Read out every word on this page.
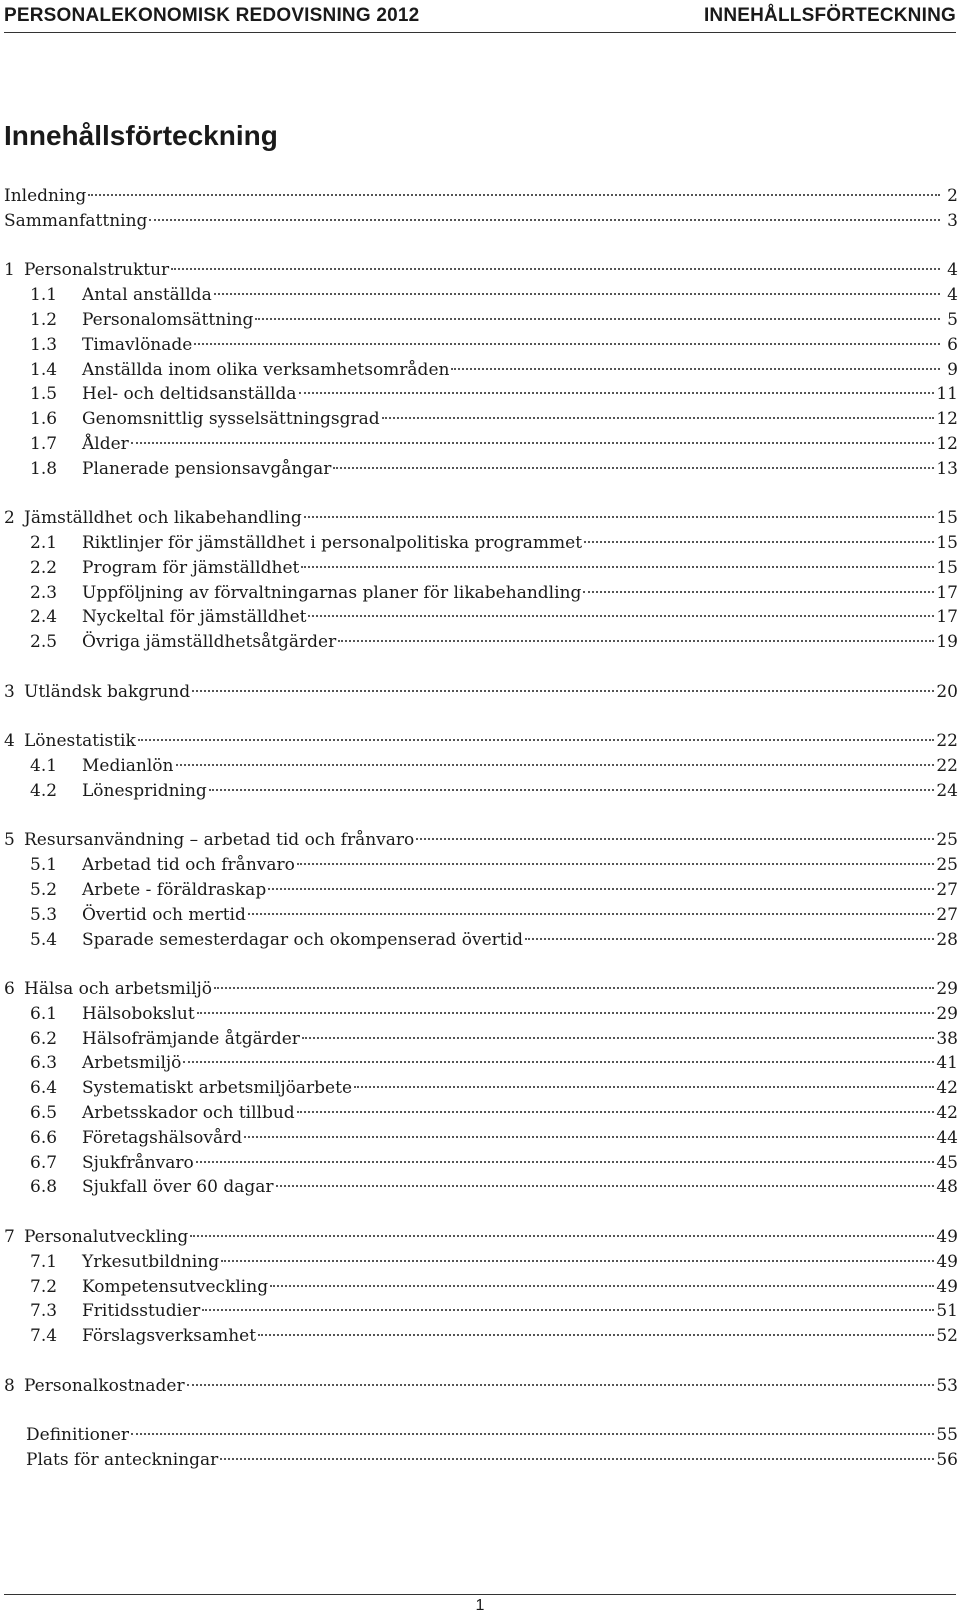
PERSONALEKONOMISK REDOVISNING 2012	INNEHÅLLSFÖRTECKNING
Innehållsförteckning
Inledning	2
Sammanfattning	3
1 Personalstruktur	4
1.1 Antal anställda	4
1.2 Personalomsättning	5
1.3 Timavlönade	6
1.4 Anställda inom olika verksamhetsområden	9
1.5 Hel- och deltidsanställda	11
1.6 Genomsnittlig sysselsättningsgrad	12
1.7 Ålder	12
1.8 Planerade pensionsavgångar	13
2 Jämställdhet och likabehandling	15
2.1 Riktlinjer för jämställdhet i personalpolitiska programmet	15
2.2 Program för jämställdhet	15
2.3 Uppföljning av förvaltningarnas planer för likabehandling	17
2.4 Nyckeltal för jämställdhet	17
2.5 Övriga jämställdhetsåtgärder	19
3 Utländsk bakgrund	20
4 Lönestatistik	22
4.1 Medianlön	22
4.2 Lönespridning	24
5 Resursanvändning – arbetad tid och frånvaro	25
5.1 Arbetad tid och frånvaro	25
5.2 Arbete - föräldraskap	27
5.3 Övertid och mertid	27
5.4 Sparade semesterdagar och okompenserad övertid	28
6 Hälsa och arbetsmiljö	29
6.1 Hälsobokslut	29
6.2 Hälsofrämjande åtgärder	38
6.3 Arbetsmiljö	41
6.4 Systematiskt arbetsmiljöarbete	42
6.5 Arbetsskador och tillbud	42
6.6 Företagshälsovård	44
6.7 Sjukfrånvaro	45
6.8 Sjukfall över 60 dagar	48
7 Personalutveckling	49
7.1 Yrkesutbildning	49
7.2 Kompetensutveckling	49
7.3 Fritidsstudier	51
7.4 Förslagsverksamhet	52
8 Personalkostnader	53
Definitioner	55
Plats för anteckningar	56
1
